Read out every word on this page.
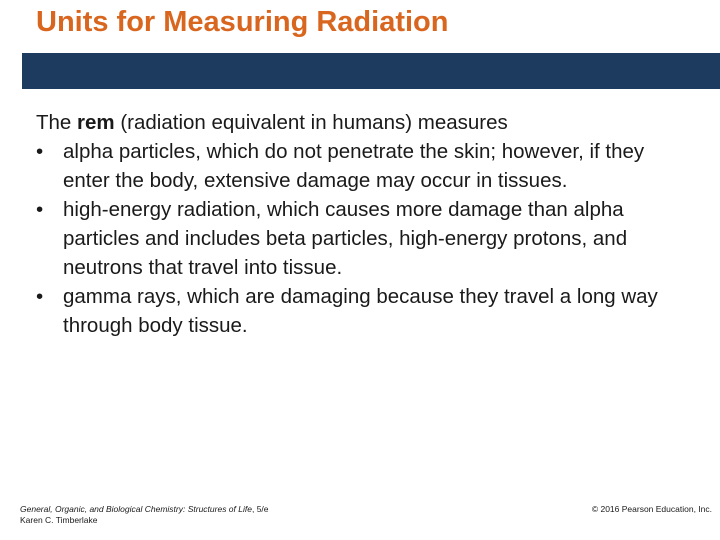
Units for Measuring Radiation

The rem (radiation equivalent in humans) measures

• alpha particles, which do not penetrate the skin; however, if they enter the body, extensive damage may occur in tissues.
• high-energy radiation, which causes more damage than alpha particles and includes beta particles, high-energy protons, and neutrons that travel into tissue.
• gamma rays, which are damaging because they travel a long way through body tissue.
General, Organic, and Biological Chemistry: Structures of Life, 5/e
Karen C. Timberlake
© 2016 Pearson Education, Inc.
